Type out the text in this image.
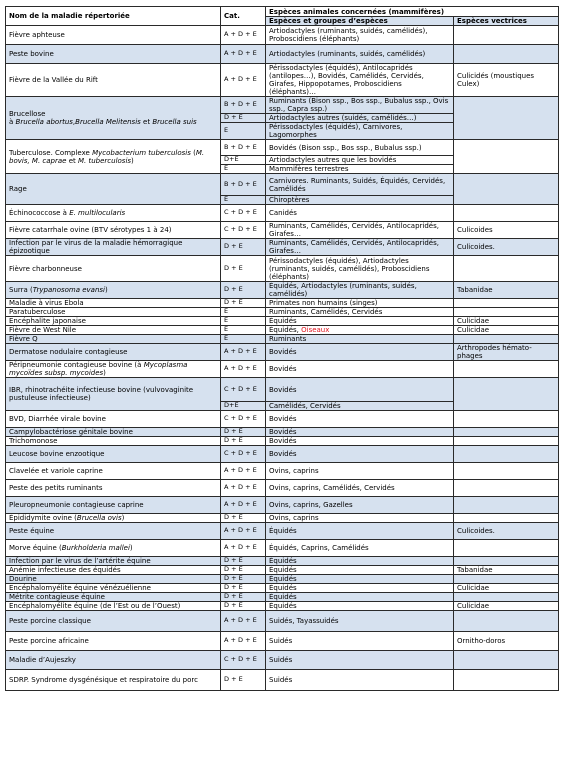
Nom de la maladie répertoriée	Cat.	Espèces animales concernées (mammifères)	
		Espèces et groupes d’espèces	Espèces vectrices
Fièvre aphteuse	A + D + E	Artiodactyles (ruminants, suidés, camélidés), Proboscidiens (éléphants)	
Peste bovine	A + D + E	Artiodactyles (ruminants, suidés, camélidés)	
Fièvre de la Vallée du Rift	A + D + E	Périssodactyles (équidés), Antilocapridés (antilopes…), Bovidés, Camélidés, Cervidés, Girafes, Hippopotames, Proboscidiens (éléphants)…	Culicidés (moustiques Culex)
Brucellose
à Brucella abortus,Brucella Melitensis et Brucella suis	B + D + E	Ruminants (Bison ssp., Bos ssp., Bubalus ssp., Ovis ssp., Capra ssp.)	
	D + E	Artiodactyles autres (suidés, camélidés…)	
	E	Périssodactyles (équidés), Carnivores, Lagomorphes	
Tuberculose. Complexe Mycobacterium tuberculosis (M. bovis, M. caprae et M. tuberculosis)	B + D + E	Bovidés (Bison ssp., Bos ssp., Bubalus ssp.)	
	D+E	Artiodactyles autres que les bovidés	
	E	Mammifères terrestres	
Rage	B + D + E	Carnivores. Ruminants, Suidés, Équidés, Cervidés, Camélidés	
	E	Chiroptères	
Échinococcose à E. multilocularis	C + D + E	Canidés	
Fièvre catarrhale ovine (BTV sérotypes 1 à 24)	C + D + E	Ruminants, Camélidés, Cervidés, Antilocapridés, Girafes…	Culicoides
Infection par le virus de la maladie hémorragique épizootique	D + E	Ruminants, Camélidés, Cervidés, Antilocapridés, Girafes…	Culicoides.
Fièvre charbonneuse	D + E	Périssodactyles (équidés), Artiodactyles (ruminants, suidés, camélidés), Proboscidiens (éléphants)	
Surra (Trypanosoma evansi)	D + E	Équidés, Artiodactyles (ruminants, suidés, camélidés)	Tabanidae
Maladie à virus Ebola	D + E	Primates non humains (singes)	
Paratuberculose	E	Ruminants, Camélidés, Cervidés	
Encéphalite japonaise	E	Équidés	Culicidae
Fièvre de West Nile	E	Équidés, Oiseaux	Culicidae
Fièvre Q	E	Ruminants	
Dermatose nodulaire contagieuse	A + D + E	Bovidés	Arthropodes hémato-phages
Péripneumonie contagieuse bovine (à Mycoplasma mycoïdes subsp. mycoides)	A + D + E	Bovidés	
IBR, rhinotrachéite infectieuse bovine (vulvovaginite pustuleuse infectieuse)	C + D + E	Bovidés	
	D+E	Camélidés, Cervidés	
BVD, Diarrhée virale bovine	C + D + E	Bovidés	
Campylobactériose génitale bovine	D + E	Bovidés	
Trichomonose	D + E	Bovidés	
Leucose bovine enzootique	C + D + E	Bovidés	
Clavelée et variole caprine	A + D + E	Ovins, caprins	
Peste des petits ruminants	A + D + E	Ovins, caprins, Camélidés, Cervidés	
Pleuropneumonie contagieuse caprine	A + D + E	Ovins, caprins, Gazelles	
Épididymite ovine (Brucella ovis)	D + E	Ovins, caprins	
Peste équine	A + D + E	Équidés	Culicoides.
Morve équine (Burkholderia mallei)	A + D + E	Équidés, Caprins, Camélidés	
Infection par le virus de l’artérite équine	D + E	Équidés	
Anémie infectieuse des équidés	D + E	Équidés	Tabanidae
Dourine	D + E	Équidés	
Encéphalomyélite équine vénézuélienne	D + E	Équidés	Culicidae
Métrite contagieuse équine	D + E	Équidés	
Encéphalomyélite équine (de l’Est ou de l’Ouest)	D + E	Équidés	Culicidae
Peste porcine classique	A + D + E	Suidés, Tayassuidés	
Peste porcine africaine	A + D + E	Suidés	Ornitho-doros
Maladie d’Aujeszky	C + D + E	Suidés	
SDRP. Syndrome dysgénésique et respiratoire du porc	D + E	Suidés	
